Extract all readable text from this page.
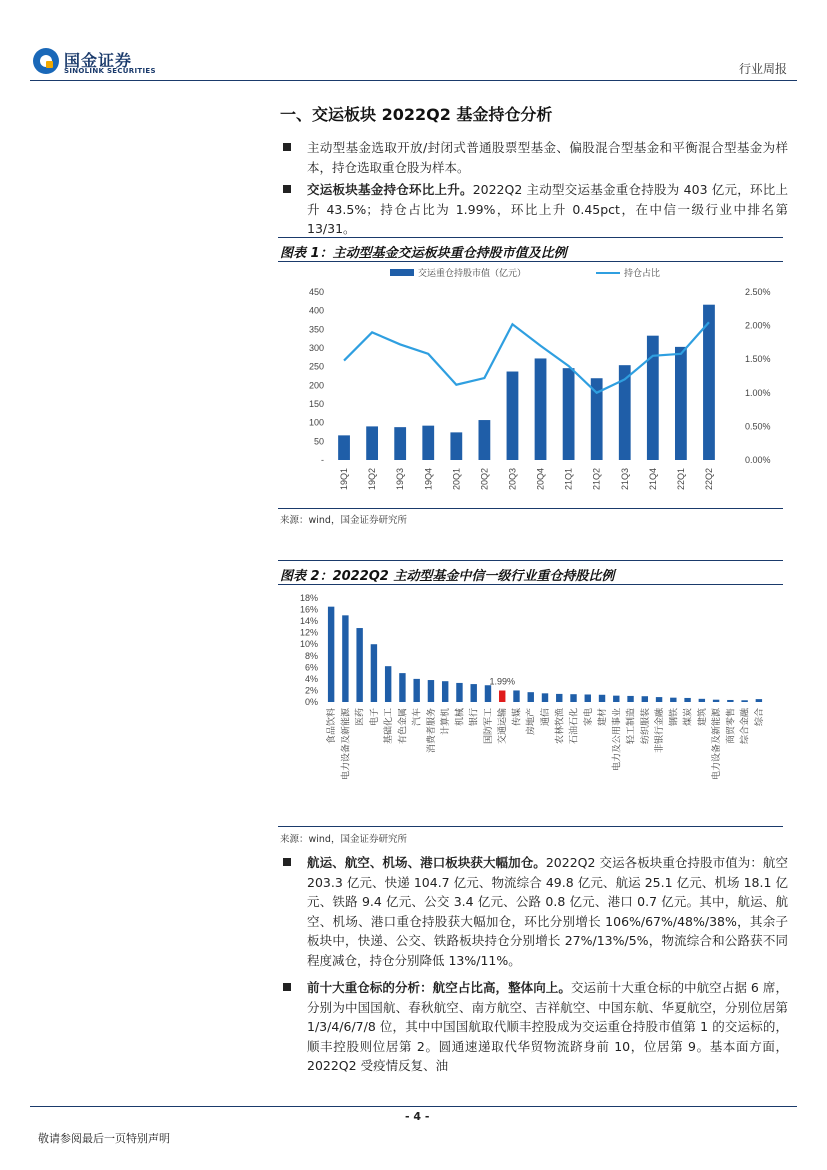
国金证券
SINOLINK SECURITIES	行业周报
一、交运板块 2022Q2 基金持仓分析
主动型基金选取开放/封闭式普通股票型基金、偏股混合型基金和平衡混合型基金为样本，持仓选取重仓股为样本。
交运板块基金持仓环比上升。2022Q2 主动型交运基金重仓持股为 403 亿元，环比上升 43.5%；持仓占比为 1.99%，环比上升 0.45pct，在中信一级行业中排名第 13/31。
图表 1：主动型基金交运板块重仓持股市值及比例
交运重仓持股市值（亿元）	持仓占比
-
50
100
150
200
250
300
350
400
450
0.00%
0.50%
1.00%
1.50%
2.00%
2.50%
19Q1 19Q2 19Q3 19Q4 20Q1 20Q2 20Q3 20Q4 21Q1 21Q2 21Q3 21Q4 22Q1 22Q2
来源：wind，国金证券研究所
图表 2：2022Q2 主动型基金中信一级行业重仓持股比例
0%
2%
4%
6%
8%
10%
12%
14%
16%
18%
食品饮料 电力设备及新能源 医药 电子 基础化工 有色金属 汽车 消费者服务 计算机 机械 银行 国防军工 交通运输 传媒 房地产 通信 农林牧渔 石油石化 家电 建材 电力及公用事业 轻工制造 纺织服装 非银行金融 钢铁 煤炭 建筑 电力设备及新能源 商贸零售 综合金融 综合
1.99%
来源：wind，国金证券研究所
航运、航空、机场、港口板块获大幅加仓。2022Q2 交运各板块重仓持股市值为：航空 203.3 亿元、快递 104.7 亿元、物流综合 49.8 亿元、航运 25.1 亿元、机场 18.1 亿元、铁路 9.4 亿元、公交 3.4 亿元、公路 0.8 亿元、港口 0.7 亿元。其中，航运、航空、机场、港口重仓持股获大幅加仓，环比分别增长 106%/67%/48%/38%，其余子板块中，快递、公交、铁路板块持仓分别增长 27%/13%/5%，物流综合和公路获不同程度减仓，持仓分别降低 13%/11%。
前十大重仓标的分析：航空占比高，整体向上。交运前十大重仓标的中航空占据 6 席，分别为中国国航、春秋航空、南方航空、吉祥航空、中国东航、华夏航空，分别位居第 1/3/4/6/7/8 位，其中中国国航取代顺丰控股成为交运重仓持股市值第 1 的交运标的，顺丰控股则位居第 2。圆通速递取代华贸物流跻身前 10，位居第 9。基本面方面，2022Q2 受疫情反复、油
- 4 -
敬请参阅最后一页特别声明
